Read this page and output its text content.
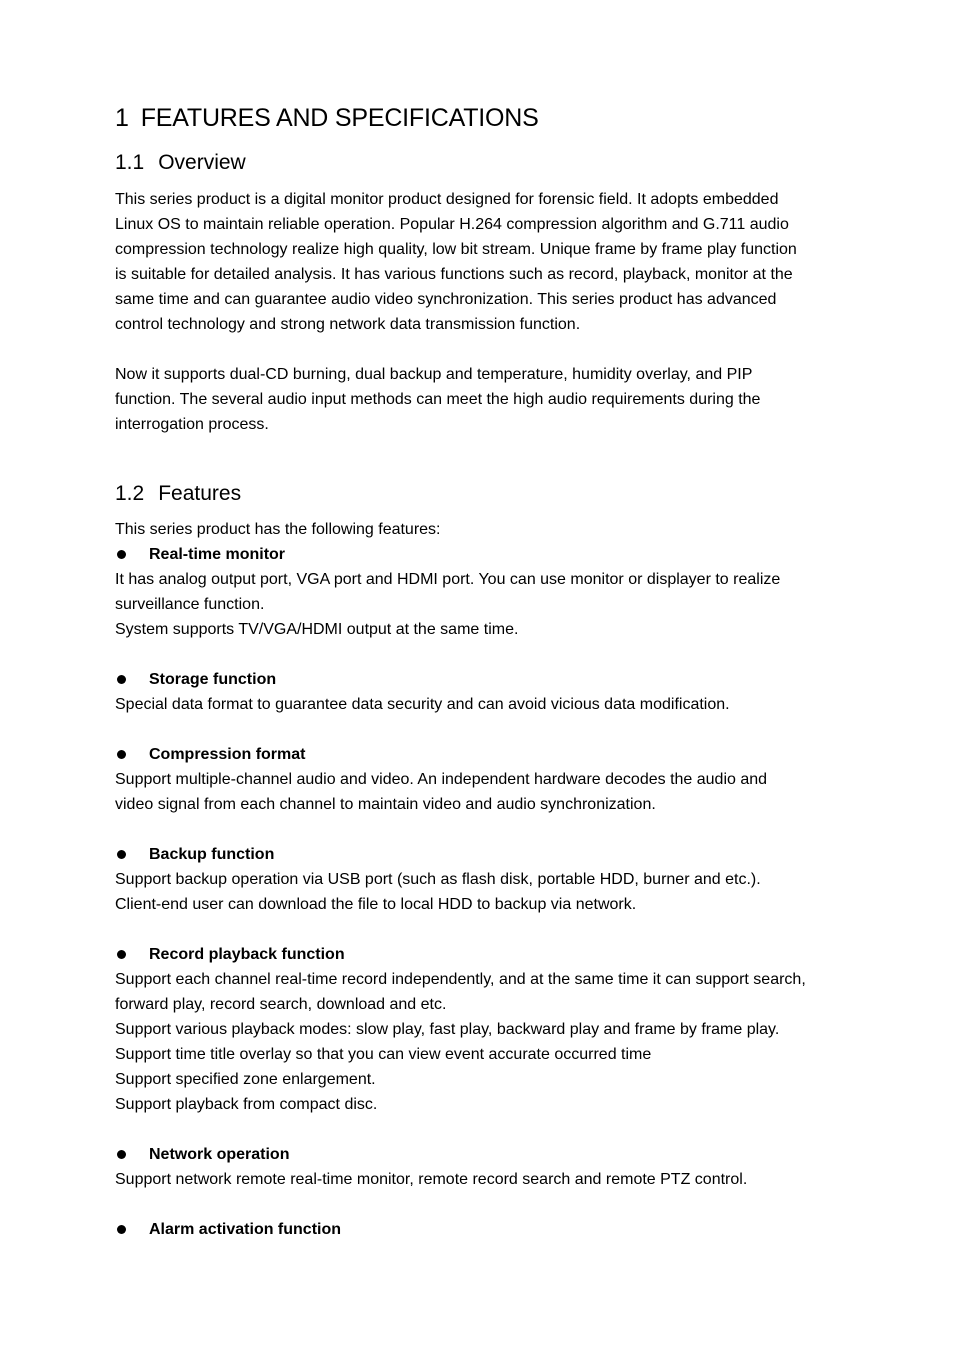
1 FEATURES AND SPECIFICATIONS
1.1 Overview

This series product is a digital monitor product designed for forensic field. It adopts embedded

Linux OS to maintain reliable operation. Popular H.264 compression algorithm and G.711 audio

compression technology realize high quality, low bit stream. Unique frame by frame play function

is suitable for detailed analysis. It has various functions such as record, playback, monitor at the

same time and can guarantee audio video synchronization. This series product has advanced

control technology and strong network data transmission function.

Now it supports dual-CD burning, dual backup and temperature, humidity overlay, and PIP

function. The several audio input methods can meet the high audio requirements during the

interrogation process.

1.2 Features

This series product has the following features:

Real-time monitor

It has analog output port, VGA port and HDMI port. You can use monitor or displayer to realize

surveillance function.

System supports TV/VGA/HDMI output at the same time.

Storage function

Special data format to guarantee data security and can avoid vicious data modification.

Compression format

Support multiple-channel audio and video. An independent hardware decodes the audio and

video signal from each channel to maintain video and audio synchronization.

Backup function

Support backup operation via USB port (such as flash disk, portable HDD, burner and etc.).

Client-end user can download the file to local HDD to backup via network.

Record playback function

Support each channel real-time record independently, and at the same time it can support search,

forward play, record search, download and etc.

Support various playback modes: slow play, fast play, backward play and frame by frame play.

Support time title overlay so that you can view event accurate occurred time

Support specified zone enlargement.

Support playback from compact disc.

Network operation

Support network remote real-time monitor, remote record search and remote PTZ control.

Alarm activation function
